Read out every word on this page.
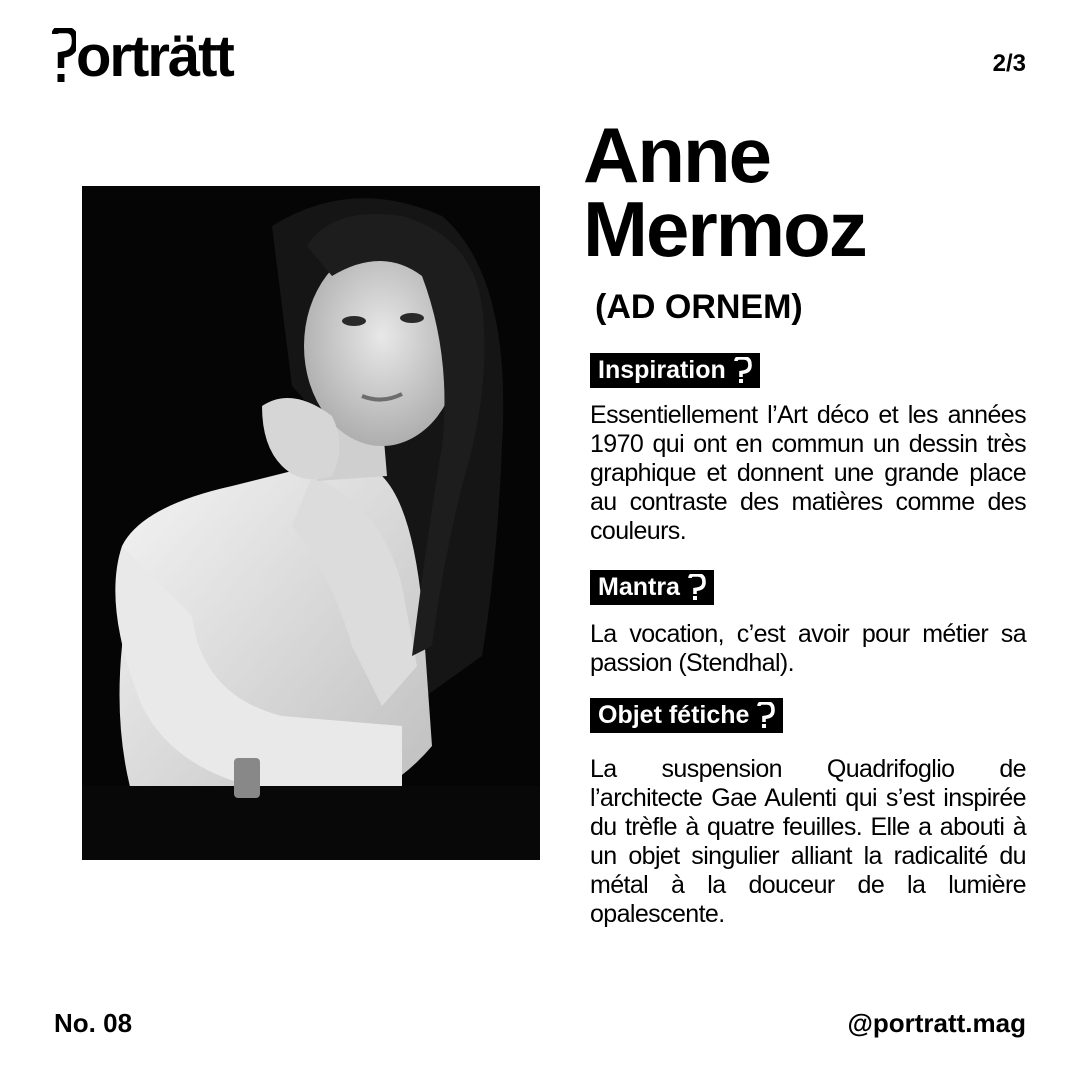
orträtt	2/3
Anne
Mermoz
(AD ORNEM)
Inspiration
Essentiellement l’Art déco et les années 1970 qui ont en commun un dessin très graphique et donnent une grande place au contraste des matières comme des couleurs.
Mantra
La vocation, c’est avoir pour métier sa passion (Stendhal).
Objet fétiche
La suspension Quadrifoglio de l’architecte Gae Aulenti qui s’est inspirée du trèfle à quatre feuilles. Elle a abouti à un objet singulier alliant la radicalité du métal à la douceur de la lumière opalescente.
No. 08	@portratt.mag
